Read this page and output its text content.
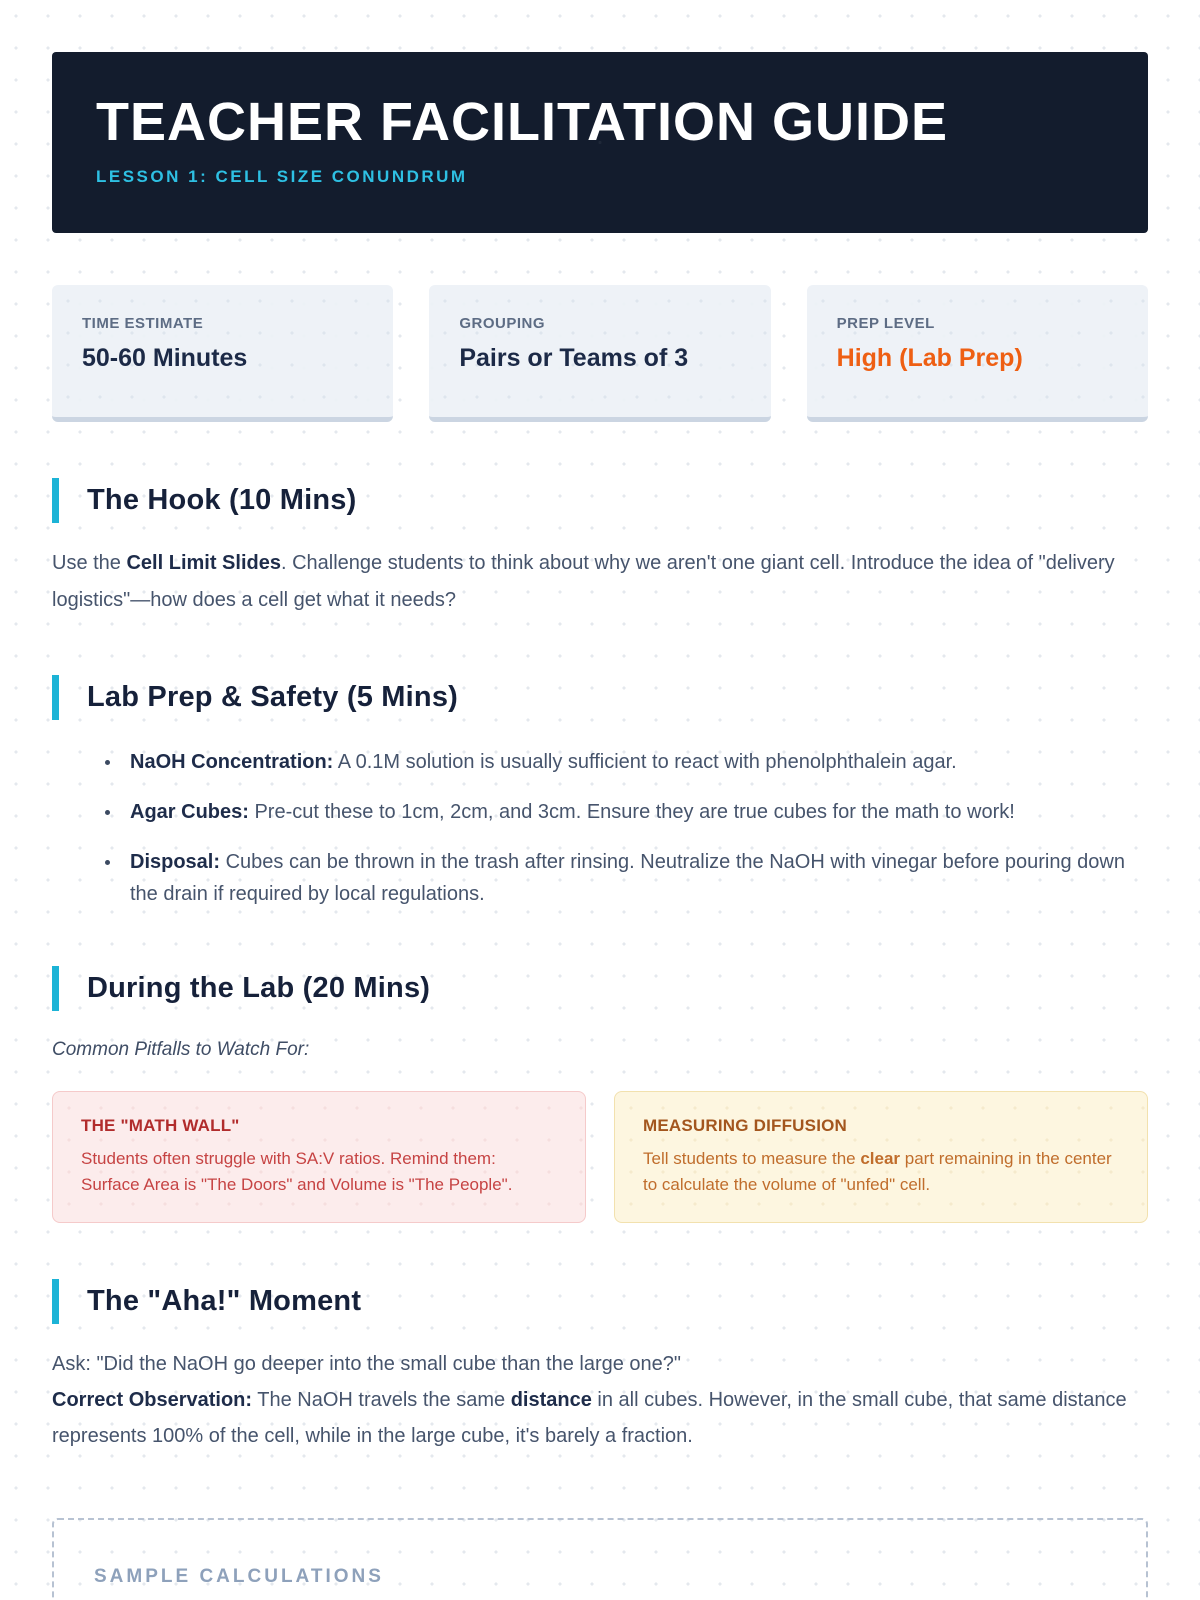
TEACHER FACILITATION GUIDE
LESSON 1: CELL SIZE CONUNDRUM
TIME ESTIMATE
50-60 Minutes
GROUPING
Pairs or Teams of 3
PREP LEVEL
High (Lab Prep)
The Hook (10 Mins)

Use the Cell Limit Slides. Challenge students to think about why we aren't one giant cell. Introduce the idea of "delivery logistics"—how does a cell get what it needs?

Lab Prep & Safety (5 Mins)
• NaOH Concentration: A 0.1M solution is usually sufficient to react with phenolphthalein agar.
• Agar Cubes: Pre-cut these to 1cm, 2cm, and 3cm. Ensure they are true cubes for the math to work!
• Disposal: Cubes can be thrown in the trash after rinsing. Neutralize the NaOH with vinegar before pouring down the drain if required by local regulations.
During the Lab (20 Mins)

Common Pitfalls to Watch For:

THE "MATH WALL"
Students often struggle with SA:V ratios. Remind them: Surface Area is "The Doors" and Volume is "The People".
MEASURING DIFFUSION
Tell students to measure the clear part remaining in the center to calculate the volume of "unfed" cell.
The "Aha!" Moment
Ask: "Did the NaOH go deeper into the small cube than the large one?"
Correct Observation: The NaOH travels the same distance in all cubes. However, in the small cube, that same distance represents 100% of the cell, while in the large cube, it's barely a fraction.
SAMPLE CALCULATIONS
